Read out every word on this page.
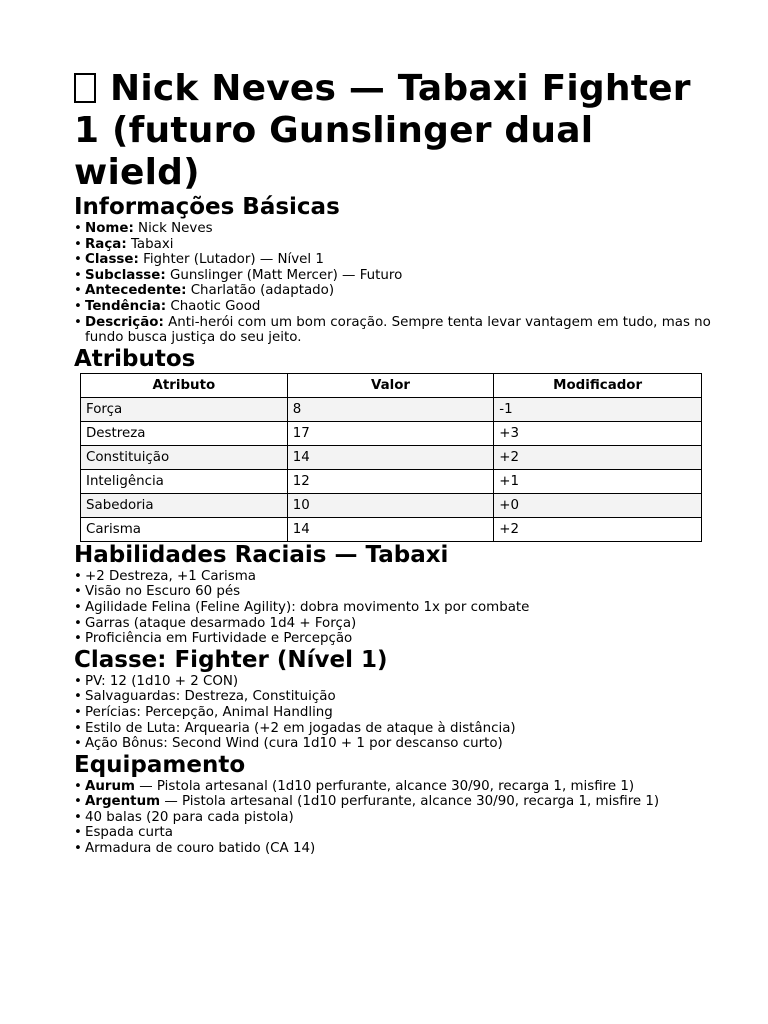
Nick Neves — Tabaxi Fighter 1 (futuro Gunslinger dual wield)
Informações Básicas
• Nome: Nick Neves
• Raça: Tabaxi
• Classe: Fighter (Lutador) — Nível 1
• Subclasse: Gunslinger (Matt Mercer) — Futuro
• Antecedente: Charlatão (adaptado)
• Tendência: Chaotic Good
• Descrição: Anti-herói com um bom coração. Sempre tenta levar vantagem em tudo, mas no fundo busca justiça do seu jeito.
Atributos
Atributo	Valor	Modificador
Força	8	-1
Destreza	17	+3
Constituição	14	+2
Inteligência	12	+1
Sabedoria	10	+0
Carisma	14	+2
Habilidades Raciais — Tabaxi
• +2 Destreza, +1 Carisma
• Visão no Escuro 60 pés
• Agilidade Felina (Feline Agility): dobra movimento 1x por combate
• Garras (ataque desarmado 1d4 + Força)
• Proficiência em Furtividade e Percepção
Classe: Fighter (Nível 1)
• PV: 12 (1d10 + 2 CON)
• Salvaguardas: Destreza, Constituição
• Perícias: Percepção, Animal Handling
• Estilo de Luta: Arquearia (+2 em jogadas de ataque à distância)
• Ação Bônus: Second Wind (cura 1d10 + 1 por descanso curto)
Equipamento
• Aurum — Pistola artesanal (1d10 perfurante, alcance 30/90, recarga 1, misfire 1)
• Argentum — Pistola artesanal (1d10 perfurante, alcance 30/90, recarga 1, misfire 1)
• 40 balas (20 para cada pistola)
• Espada curta
• Armadura de couro batido (CA 14)
